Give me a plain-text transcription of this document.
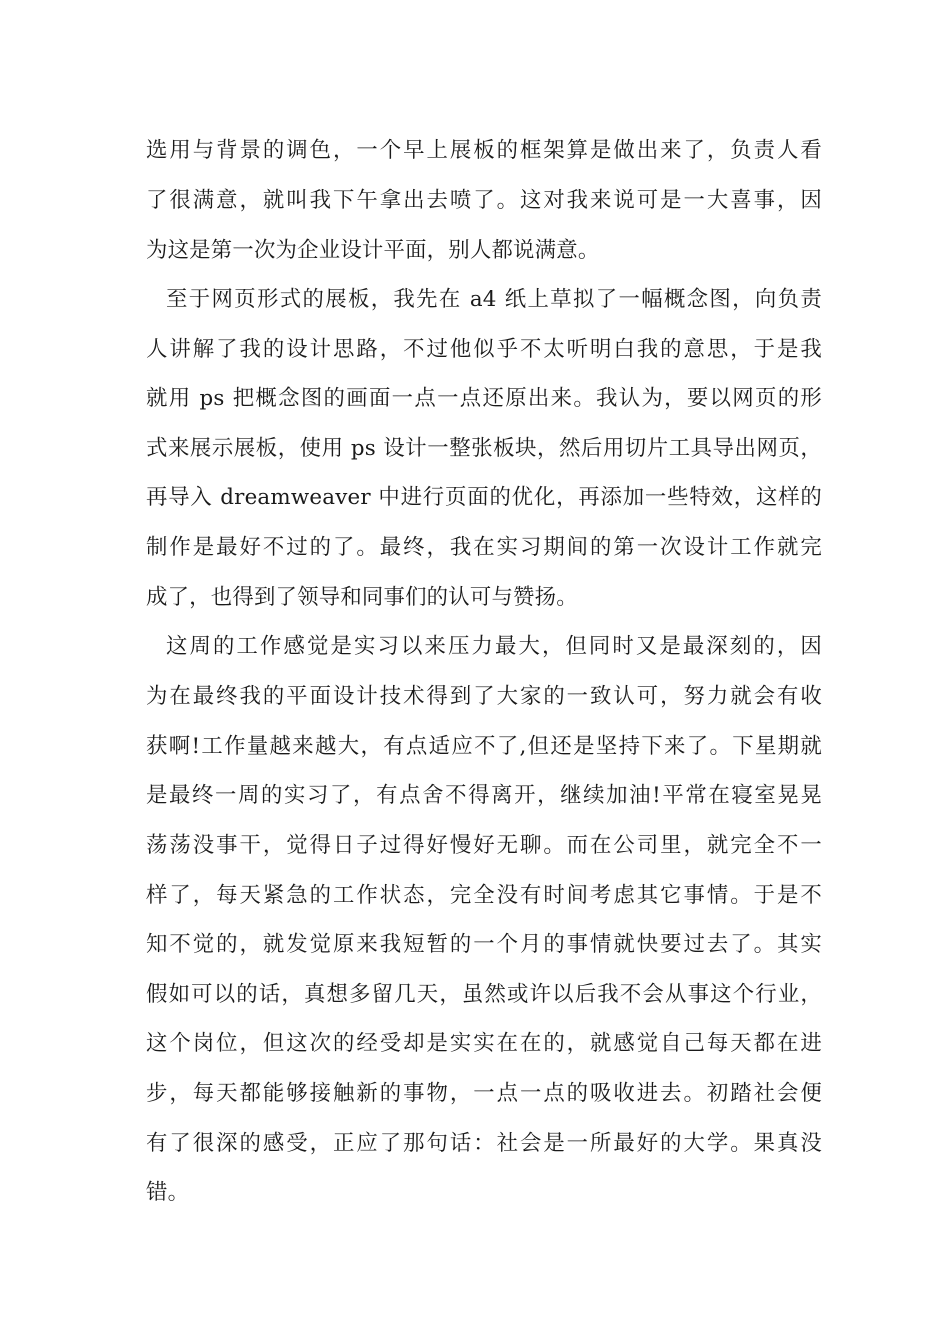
选用与背景的调色，一个早上展板的框架算是做出来了，负责人看
了很满意，就叫我下午拿出去喷了。这对我来说可是一大喜事，因
为这是第一次为企业设计平面，别人都说满意。
至于网页形式的展板，我先在 a4 纸上草拟了一幅概念图，向负责
人讲解了我的设计思路，不过他似乎不太听明白我的意思，于是我
就用 ps 把概念图的画面一点一点还原出来。我认为，要以网页的形
式来展示展板，使用 ps 设计一整张板块，然后用切片工具导出网页，
再导入 dreamweaver 中进行页面的优化，再添加一些特效，这样的
制作是最好不过的了。最终，我在实习期间的第一次设计工作就完
成了，也得到了领导和同事们的认可与赞扬。
这周的工作感觉是实习以来压力最大，但同时又是最深刻的，因
为在最终我的平面设计技术得到了大家的一致认可，努力就会有收
获啊!工作量越来越大，有点适应不了,但还是坚持下来了。下星期就
是最终一周的实习了，有点舍不得离开，继续加油!平常在寝室晃晃
荡荡没事干，觉得日子过得好慢好无聊。而在公司里，就完全不一
样了，每天紧急的工作状态，完全没有时间考虑其它事情。于是不
知不觉的，就发觉原来我短暂的一个月的事情就快要过去了。其实
假如可以的话，真想多留几天，虽然或许以后我不会从事这个行业，
这个岗位，但这次的经受却是实实在在的，就感觉自己每天都在进
步，每天都能够接触新的事物，一点一点的吸收进去。初踏社会便
有了很深的感受，正应了那句话：社会是一所最好的大学。果真没
错。
